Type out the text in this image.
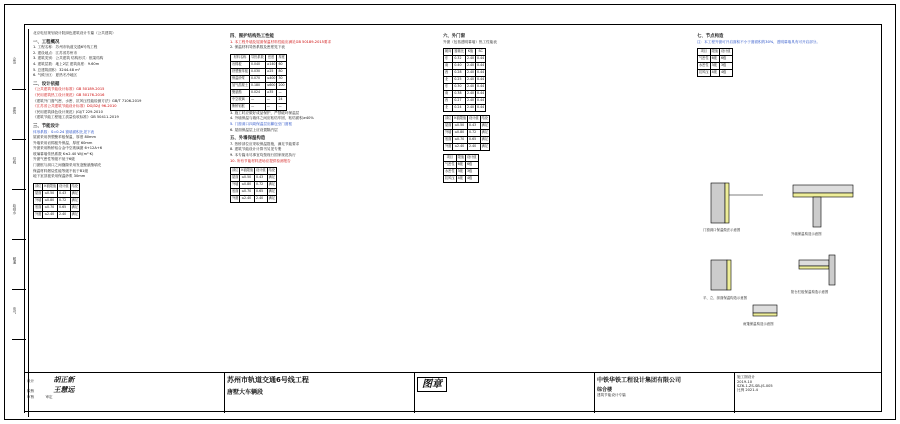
会签
建筑
结构
给排水
暖通
电气

北京电信规划设计院绿色建筑设计专篇（公共建筑）

一、工程概况

1. 工程名称：苏州市轨道交通6号线工程

2. 建设地点：江苏省苏州市

3. 建筑类别：公共建筑 结构形式：框架结构

4. 建筑层数：地上2层 建筑高度：9.60m

5. 总建筑面积：3244.48 m²

6. 气候分区：夏热冬冷地区

二、设计依据

《公共建筑节能设计标准》GB 50189-2015

《民用建筑热工设计规范》GB 50176-2016

《建筑外门窗气密、水密、抗风压性能检测方法》GB/T 7106-2019

《江苏省公共建筑节能设计标准》DGJ32/J 96-2010

《民用建筑绿色设计规范》JGJ/T 229-2010

《建筑节能工程施工质量验收标准》GB 50411-2019

三、节能设计

体形系数：S=0.24 窗墙面积比见下表

屋面采用挤塑聚苯板保温，厚度 80mm

外墙采用岩棉板外保温，厚度 60mm

外窗采用断桥铝合金中空玻璃窗 6+12A+6

玻璃幕墙传热系数 K≤2.40 W/(m²·K)

外窗气密性等级不低于6级

门窗框与洞口之间缝隙采用发泡聚氨酯填充

保温材料燃烧性能等级不低于B1级

地下室顶板采用保温砂浆 30mm

部位	K值限值	设计值	结论
屋面	≤0.50	0.43	满足
外墙	≤0.80	0.72	满足
底面	≤0.70	0.65	满足
外窗	≤2.40	2.40	满足

四、围护结构热工性能

1. 本工程外墙及屋面保温材料性能应满足GB 50189-2015要求

2. 保温材料导热系数及密度见下表

材料名称	导热系数	密度	厚度
岩棉板	0.040	≥140	60
挤塑聚苯板	0.030	≥25	80
保温砂浆	0.070	≤400	30
加气混凝土	0.180	≤600	200
聚氨酯	0.024	≥35	—
中空玻璃	—	—	24
断桥铝框	—	—	—

3. 施工时应做好成品保护，严禁破坏保温层

4. 外墙保温与墙体之间应粘结牢固，粘结面积≥40%

5. 门窗洞口四周保温层应翻包至门窗框

6. 屋面保温层上应设置隔汽层

五、外墙保温构造

7. 热桥部位应采取保温措施，满足节能要求

8. 建筑节能设计计算书另见专册

9. 本专篇未尽事宜均按现行国家规范执行

10. 所有节能材料进场应提供检测报告

部位	K值限值	设计值	结论
屋面	≤0.50	0.43	满足
外墙	≤0.80	0.72	满足
底面	≤0.70	0.65	满足
外窗	≤2.40	2.40	满足

六、外门窗

外窗（包括透明幕墙）热工性能表

朝向	窗墙比	K值	SC
东	0.32	2.40	0.44
南	0.40	2.40	0.44
西	0.28	2.40	0.44
北	0.25	2.40	0.44
东	0.30	2.40	0.44
南	0.38	2.40	0.44
西	0.27	2.40	0.44
北	0.24	2.40	0.44
部位	K值限值	设计值	结论
屋面	≤0.50	0.43	满足
外墙	≤0.80	0.72	满足
底面	≤0.70	0.65	满足
外窗	≤2.40	2.40	满足
项目	限值	设计值
气密性	6级	6级
水密性	3级	3级
抗风压	4级	4级

七、节点构造

注：本工程外窗可开启面积不小于窗面积的30%，透明幕墙具有可开启部分。

项目	限值	设计值
气密性	6级	6级
水密性	3级	3级
抗风压	4级	4级
门窗洞口保温做法示意图
外墙保温构造示意图
平、立、剖面保温构造示意图
阳台栏板保温构造示意图
雨篷保温构造示意图
设计	胡正新
校核	王慧远
审核	审定
苏州市轨道交通6号线工程
唐墅大车辆段
图章	中铁华铁工程设计集团有限公司
综合楼
建筑节能设计专篇
施工图设计
2019-10
SZ6-1-ZS-SB-JS-005
比例 2021.4
